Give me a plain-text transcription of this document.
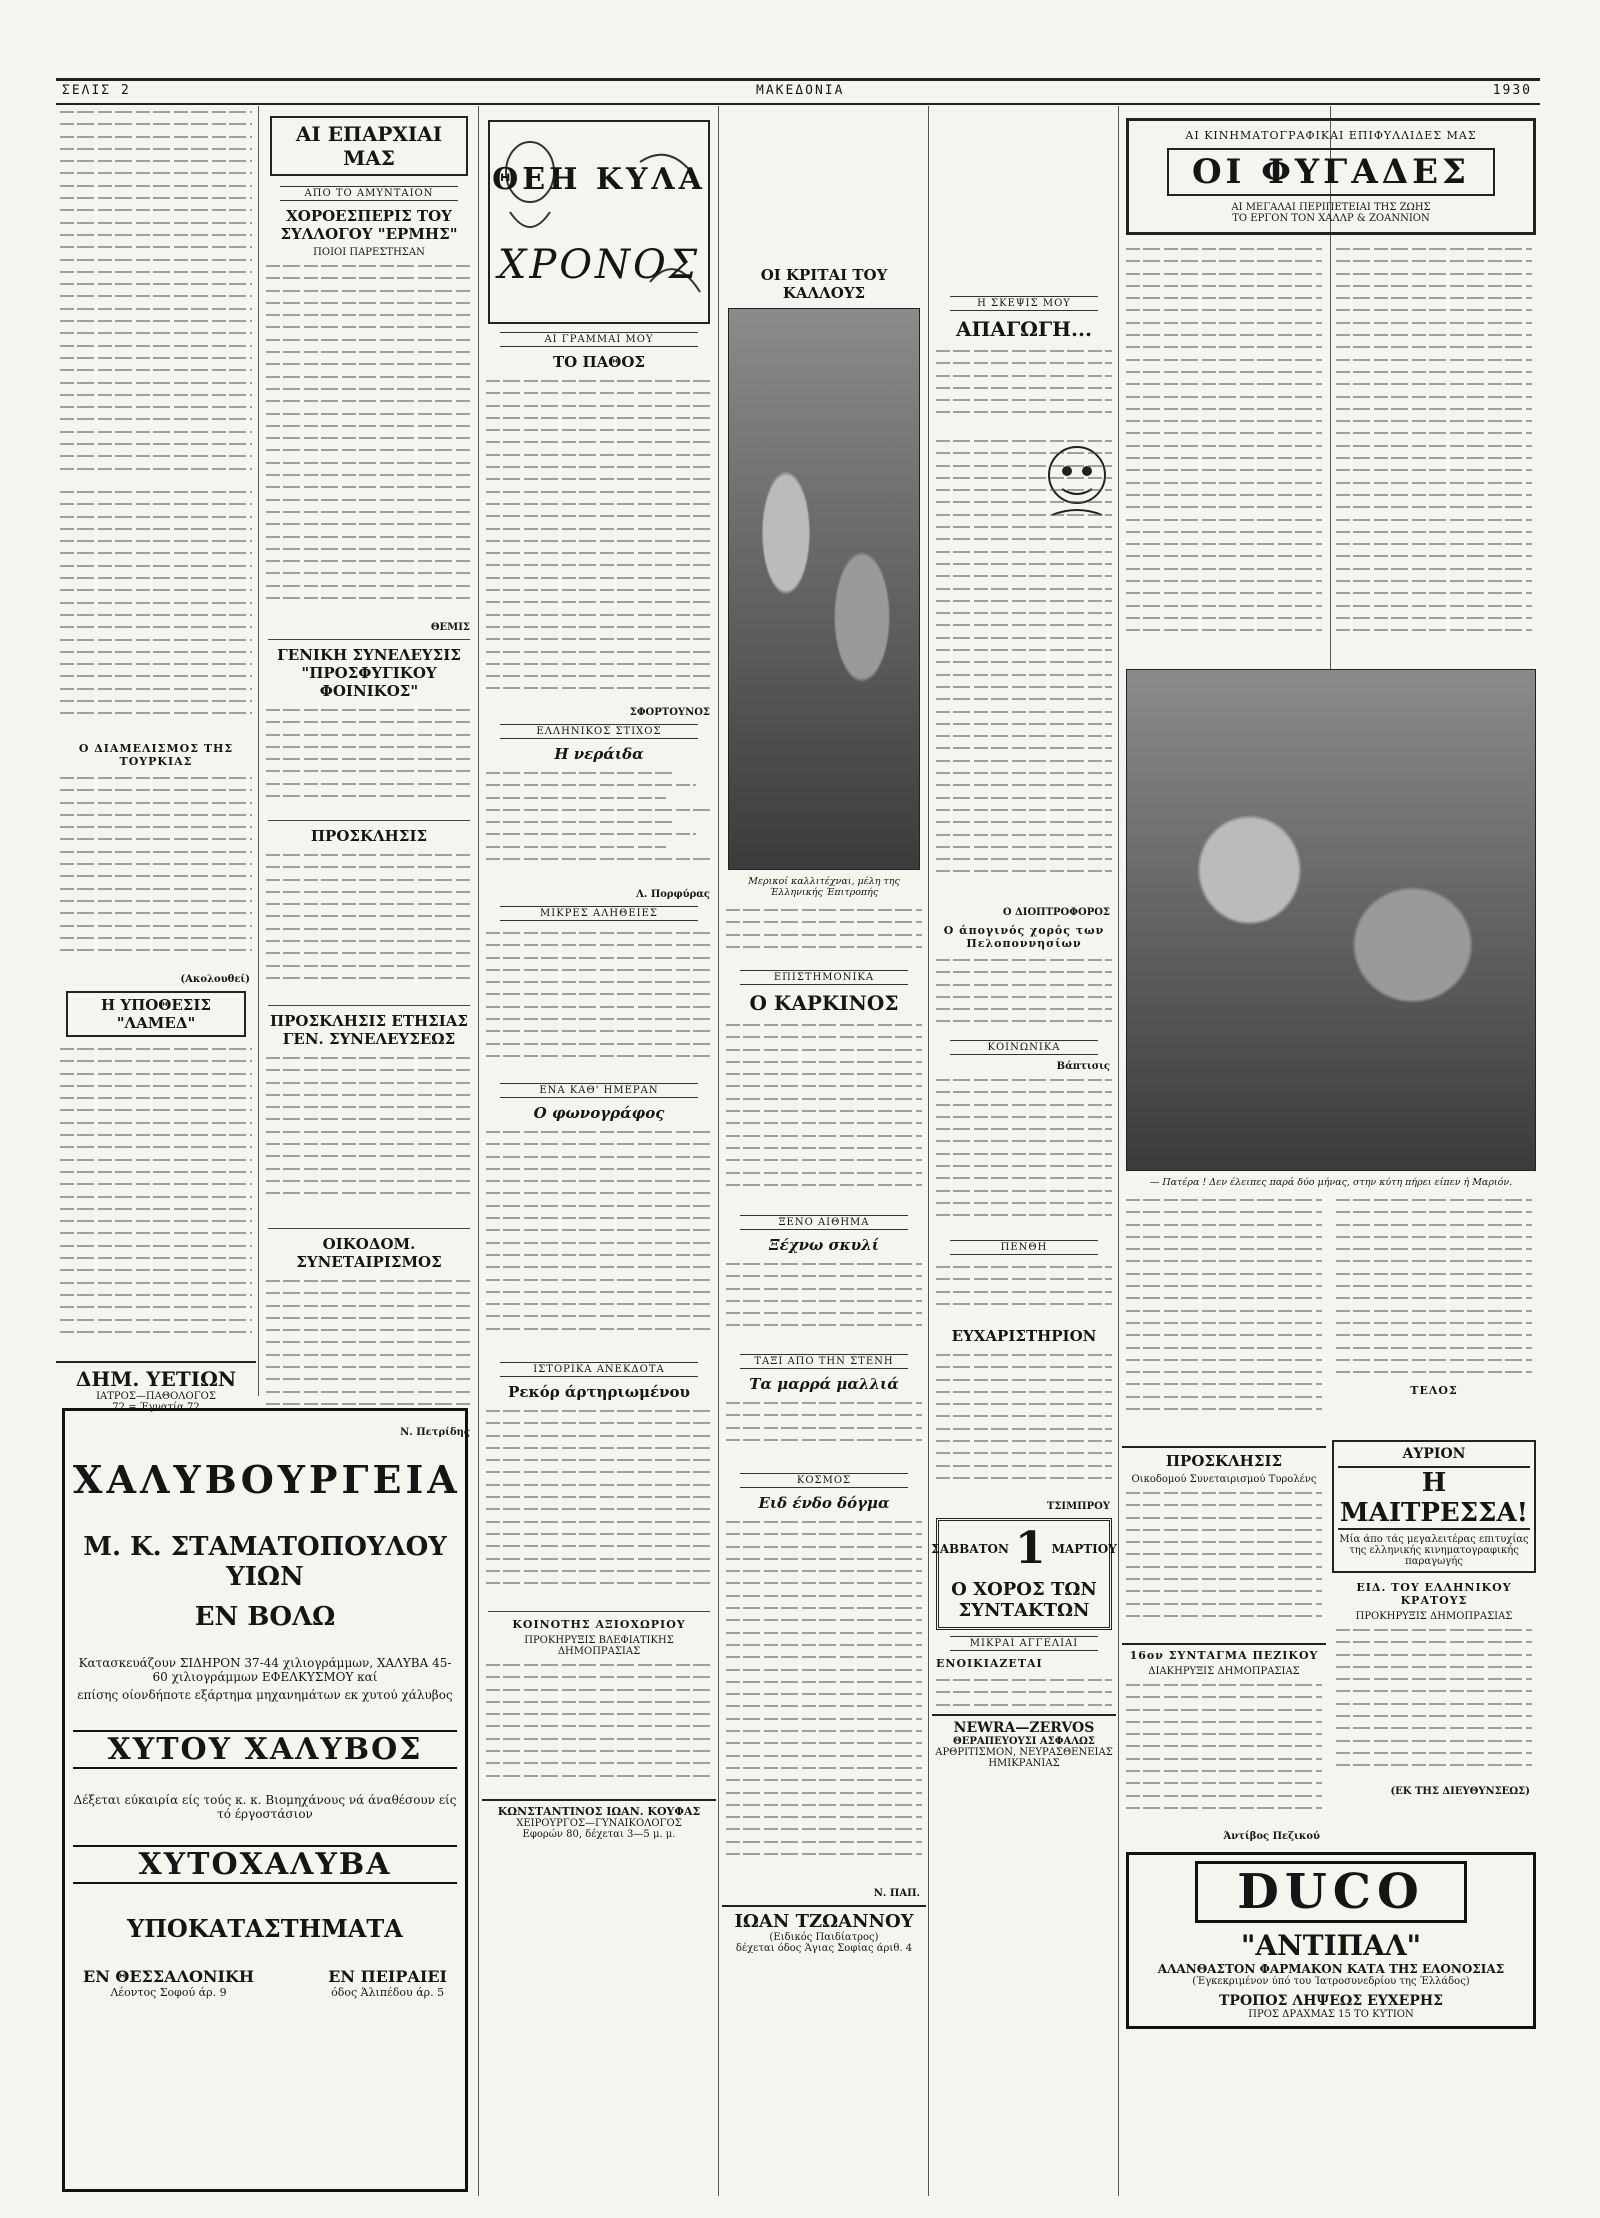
ΣΕΛΙΣ 2	ΜΑΚΕΔΟΝΙΑ	1930
Ο ΔΙΑΜΕΛΙΣΜΟΣ ΤΗΣ ΤΟΥΡΚΙΑΣ
(Ακολουθεί)
Η ΥΠΟΘΕΣΙΣ "ΛΑΜΕΔ"
ΔΗΜ. ΥΕΤΙΩΝ
ΙΑΤΡΟΣ—ΠΑΘΟΛΟΓΟΣ
72 = Έγνατία 72
ΑΙ ΕΠΑΡΧΙΑΙ ΜΑΣ
ΑΠΟ ΤΟ ΑΜΥΝΤΑΙΟΝ
ΧΟΡΟΕΣΠΕΡΙΣ ΤΟΥ ΣΥΛΛΟΓΟΥ "ΕΡΜΗΣ"
ΠΟΙΟΙ ΠΑΡΕΣΤΗΣΑΝ
ΘΕΜΙΣ
ΓΕΝΙΚΗ ΣΥΝΕΛΕΥΣΙΣ "ΠΡΟΣΦΥΓΙΚΟΥ ΦΟΙΝΙΚΟΣ"
ΠΡΟΣΚΛΗΣΙΣ
ΠΡΟΣΚΛΗΣΙΣ ΕΤΗΣΙΑΣ ΓΕΝ. ΣΥΝΕΛΕΥΣΕΩΣ
ΟΙΚΟΔΟΜ. ΣΥΝΕΤΑΙΡΙΣΜΟΣ
Ν. Πετρίδης
ΧΑΛΥΒΟΥΡΓΕΙΑ
Μ. Κ. ΣΤΑΜΑΤΟΠΟΥΛΟΥ ΥΙΩΝ
ΕΝ ΒΟΛΩ
Κατασκευάζουν ΣΙΔΗΡΟΝ 37-44 χιλιογράμμων, ΧΑΛΥΒΑ 45-60 χιλιογράμμων ΕΦΕΛΚΥΣΜΟΥ καί
επίσης οίονδήποτε εξάρτημα μηχανημάτων εκ χυτού χάλυβος
ΧΥΤΟΥ ΧΑΛΥΒΟΣ
Δέξεται εύκαιρία είς τούς κ. κ. Βιομηχάνους νά άναθέσουν είς τό έργοστάσιον
ΧΥΤΟΧΑΛΥΒΑ
ΥΠΟΚΑΤΑΣΤΗΜΑΤΑ
ΕΝ ΘΕΣΣΑΛΟΝΙΚΗ
Λέοντος Σοφού άρ. 9
ΕΝ ΠΕΙΡΑΙΕΙ
όδος Άλιπέδου άρ. 5
ΘΕΗ ΚΥΛΑ
ΧΡΟΝΟΣ
ΑΙ ΓΡΑΜΜΑΙ ΜΟΥ
ΤΟ ΠΑΘΟΣ
ΣΦΟΡΤΟΥΝΟΣ
ΕΛΛΗΝΙΚΟΣ ΣΤΙΧΟΣ
Η νεράιδα
Λ. Πορφύρας
ΜΙΚΡΕΣ ΑΛΗΘΕΙΕΣ
ΕΝΑ ΚΑΘ' ΗΜΕΡΑΝ
Ο φωνογράφος
ΙΣΤΟΡΙΚΑ ΑΝΕΚΔΟΤΑ
Ρεκόρ άρτηριωμένου
ΚΟΙΝΟΤΗΣ ΑΞΙΟΧΩΡΙΟΥ
ΠΡΟΚΗΡΥΞΙΣ ΒΛΕΦΙΑΤΙΚΗΣ ΔΗΜΟΠΡΑΣΙΑΣ
ΚΩΝΣΤΑΝΤΙΝΟΣ ΙΩΑΝ. ΚΟΥΦΑΣ
ΧΕΙΡΟΥΡΓΟΣ—ΓΥΝΑΙΚΟΛΟΓΟΣ
Εφορών 80, δέχεται 3—5 μ. μ.
ΟΙ ΚΡΙΤΑΙ ΤΟΥ ΚΑΛΛΟΥΣ
Μερικοί καλλιτέχναι, μέλη της Έλληνικής Έπιτροπής
ΕΠΙΣΤΗΜΟΝΙΚΑ
Ο ΚΑΡΚΙΝΟΣ
ΞΕΝΟ ΑΙΘΗΜΑ
Ξέχνω σκυλί
ΤΑΞΙ ΑΠΟ ΤΗΝ ΣΤΕΝΗ
Τα μαρρά μαλλιά
ΚΟΣΜΟΣ
Ειδ ένδο δόγμα
Ν. ΠΑΠ.
ΙΩΑΝ ΤΖΩΑΝΝΟΥ
(Ειδικός Παιδίατρος)
δέχεται όδος Άγιας Σοφίας άριθ. 4
Η ΣΚΕΨΙΣ ΜΟΥ
ΑΠΑΓΩΓΗ...
Ο ΔΙΟΠΤΡΟΦΟΡΟΣ
Ο άπογινός χορός των Πελοποννησίων
ΚΟΙΝΩΝΙΚΑ
Βάπτισις
ΠΕΝΘΗ
ΕΥΧΑΡΙΣΤΗΡΙΟΝ
ΤΣΙΜΠΡΟΥ
ΣΑΒΒΑΤΟΝ 1 ΜΑΡΤΙΟΥ
Ο ΧΟΡΟΣ ΤΩΝ ΣΥΝΤΑΚΤΩΝ
ΜΙΚΡΑΙ ΑΓΓΕΛΙΑΙ
ΕΝΟΙΚΙΑΖΕΤΑΙ
NEWRA—ZERVOS
ΘΕΡΑΠΕΥΟΥΣΙ ΑΣΦΑΛΩΣ
ΑΡΘΡΙΤΙΣΜΟΝ, ΝΕΥΡΑΣΘΕΝΕΙΑΣ
ΗΜΙΚΡΑΝΙΑΣ
ΑΙ ΚΙΝΗΜΑΤΟΓΡΑΦΙΚΑΙ ΕΠΙΦΥΛΛΙΔΕΣ ΜΑΣ
ΟΙ ΦΥΓΑΔΕΣ
ΑΙ ΜΕΓΑΛΑΙ ΠΕΡΙΠΕΤΕΙΑΙ ΤΗΣ ΖΩΗΣ
ΤΟ ΕΡΓΟΝ ΤΟΝ ΧΑΛΛΡ & ΖΟΑΝΝΙΟΝ
— Πατέρα ! Δεν έλειπες παρά δύο μήνας, στην κύτη πήρει είπεν ή Μαριόν.
ΤΕΛΟΣ
ΠΡΟΣΚΛΗΣΙΣ
Οικοδομού Συνεταιρισμού Τυρολένς
16ον ΣΥΝΤΑΓΜΑ ΠΕΖΙΚΟΥ
ΔΙΑΚΗΡΥΞΙΣ ΔΗΜΟΠΡΑΣΙΑΣ
Άντίβος Πεζικού
ΑΥΡΙΟΝ
Η ΜΑΙΤΡΕΣΣΑ!
Μία άπο τάς μεγαλειτέρας επιτυχίας της ελληνικής κινηματογραφικής παραγωγής
ΕΙΔ. ΤΟΥ ΕΛΛΗΝΙΚΟΥ ΚΡΑΤΟΥΣ
ΠΡΟΚΗΡΥΞΙΣ ΔΗΜΟΠΡΑΣΙΑΣ
(ΕΚ ΤΗΣ ΔΙΕΥΘΥΝΣΕΩΣ)
DUCO
"ΑΝΤΙΠΑΛ"
ΑΛΑΝΘΑΣΤΟΝ ΦΑΡΜΑΚΟΝ ΚΑΤΑ ΤΗΣ ΕΛΟΝΟΣΙΑΣ
(Έγκεκριμένον ύπό του Ίατροσυνεδρίου της Έλλάδος)
ΤΡΟΠΟΣ ΛΗΨΕΩΣ ΕΥΧΕΡΗΣ
ΠΡΟΣ ΔΡΑΧΜΑΣ 15 ΤΟ ΚΥΤΙΟΝ
